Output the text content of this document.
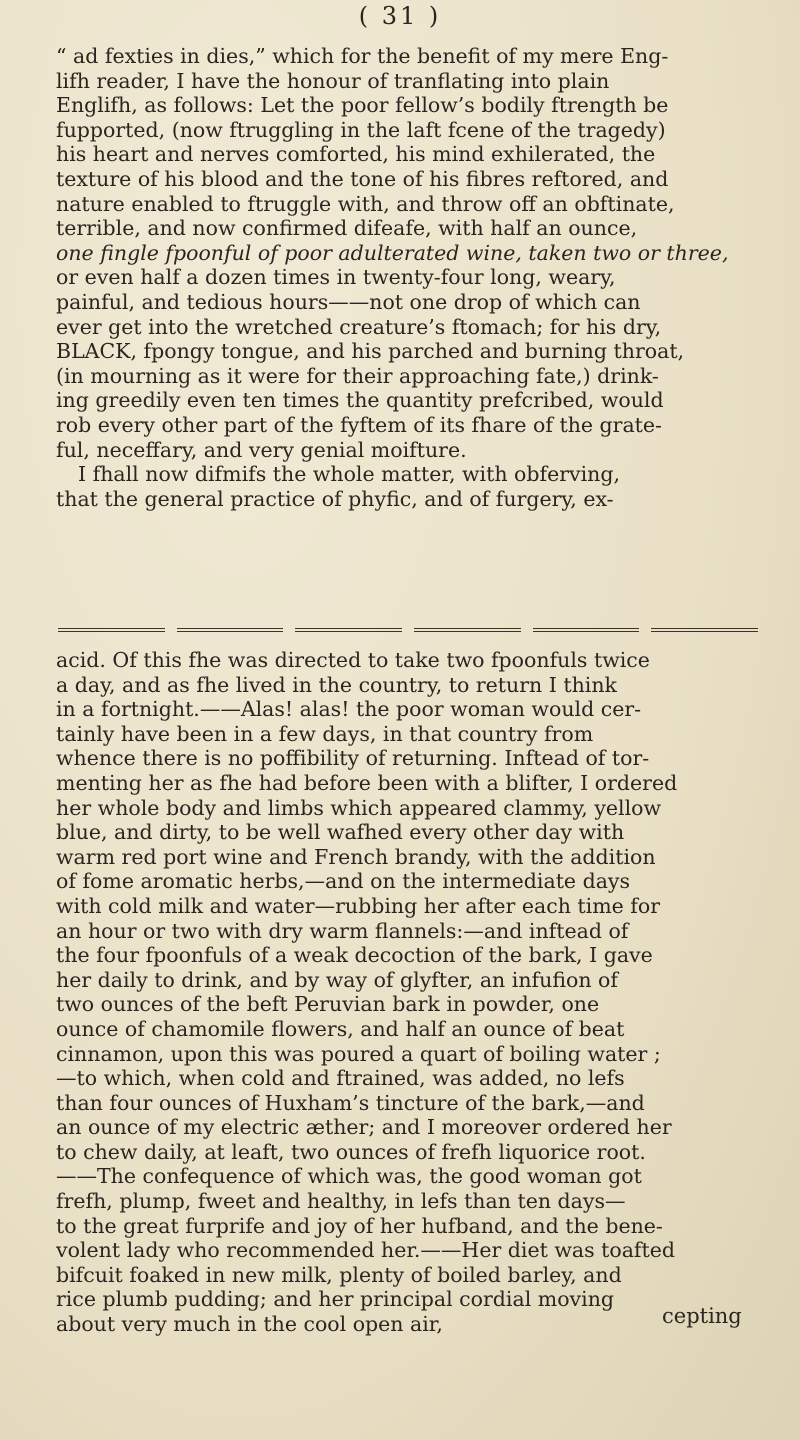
( 31 )
“ ad fexties in dies,” which for the benefit of my mere Eng-
lifh reader, I have the honour of tranflating into plain
Englifh, as follows: Let the poor fellow’s bodily ftrength be
fupported, (now ftruggling in the laft fcene of the tragedy)
his heart and nerves comforted, his mind exhilerated, the
texture of his blood and the tone of his fibres reftored, and
nature enabled to ftruggle with, and throw off an obftinate,
terrible, and now confirmed difeafe, with half an ounce,
one fingle fpoonful of poor adulterated wine, taken two or three,
or even half a dozen times in twenty-four long, weary,
painful, and tedious hours——not one drop of which can
ever get into the wretched creature’s ftomach; for his dry,
BLACK, fpongy tongue, and his parched and burning throat,
(in mourning as it were for their approaching fate,) drink-
ing greedily even ten times the quantity prefcribed, would
rob every other part of the fyftem of its fhare of the grate-
ful, neceffary, and very genial moifture.
I fhall now difmifs the whole matter, with obferving,
that the general practice of phyfic, and of furgery, ex-
acid. Of this fhe was directed to take two fpoonfuls twice
a day, and as fhe lived in the country, to return I think
in a fortnight.——Alas! alas! the poor woman would cer-
tainly have been in a few days, in that country from
whence there is no poffibility of returning. Inftead of tor-
menting her as fhe had before been with a blifter, I ordered
her whole body and limbs which appeared clammy, yellow
blue, and dirty, to be well wafhed every other day with
warm red port wine and French brandy, with the addition
of fome aromatic herbs,—and on the intermediate days
with cold milk and water—rubbing her after each time for
an hour or two with dry warm flannels:—and inftead of
the four fpoonfuls of a weak decoction of the bark, I gave
her daily to drink, and by way of glyfter, an infufion of
two ounces of the beft Peruvian bark in powder, one
ounce of chamomile flowers, and half an ounce of beat
cinnamon, upon this was poured a quart of boiling water ;
—to which, when cold and ftrained, was added, no lefs
than four ounces of Huxham’s tincture of the bark,—and
an ounce of my electric æther; and I moreover ordered her
to chew daily, at leaft, two ounces of frefh liquorice root.
——The confequence of which was, the good woman got
frefh, plump, fweet and healthy, in lefs than ten days—
to the great furprife and joy of her hufband, and the bene-
volent lady who recommended her.——Her diet was toafted
bifcuit foaked in new milk, plenty of boiled barley, and
rice plumb pudding; and her principal cordial moving
about very much in the cool open air,	cepting
